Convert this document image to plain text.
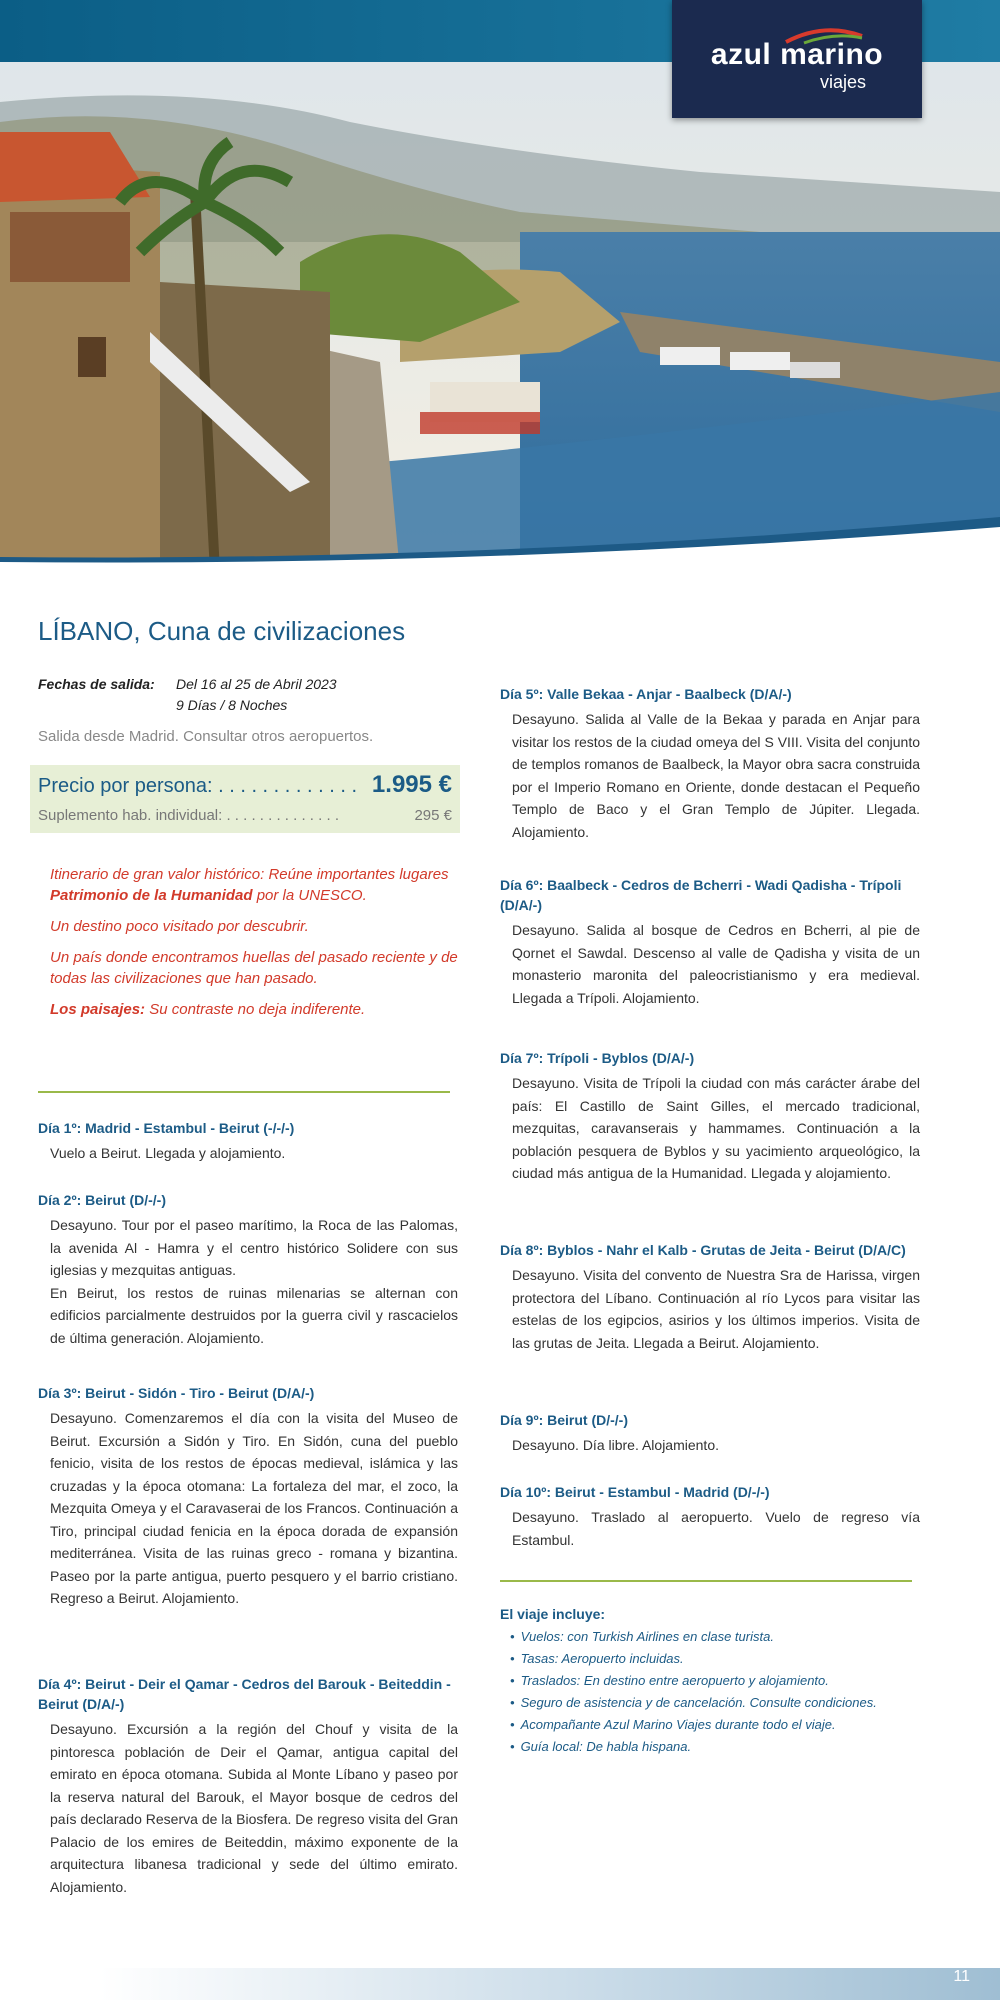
azul marino
viajes
LÍBANO, Cuna de civilizaciones
Fechas de salida: Del 16 al 25 de Abril 2023
9 Días / 8 Noches
Salida desde Madrid. Consultar otros aeropuertos.
Precio por persona: . . . . . . . . . . . . . 1.995 €
Suplemento hab. individual: . . . . . . . . . . . . . .	295 €

Itinerario de gran valor histórico: Reúne importantes lugares Patrimonio de la Humanidad por la UNESCO.

Un destino poco visitado por descubrir.

Un país donde encontramos huellas del pasado reciente y de todas las civilizaciones que han pasado.

Los paisajes: Su contraste no deja indiferente.

Día 1º: Madrid - Estambul - Beirut (-/-/-)
Vuelo a Beirut. Llegada y alojamiento.
Día 2º: Beirut (D/-/-)
Desayuno. Tour por el paseo marítimo, la Roca de las Palomas, la avenida Al - Hamra y el centro histórico Solidere con sus iglesias y mezquitas antiguas.
En Beirut, los restos de ruinas milenarias se alternan con edificios parcialmente destruidos por la guerra civil y rascacielos de última generación. Alojamiento.
Día 3º: Beirut - Sidón - Tiro - Beirut (D/A/-)
Desayuno. Comenzaremos el día con la visita del Museo de Beirut. Excursión a Sidón y Tiro. En Sidón, cuna del pueblo fenicio, visita de los restos de épocas medieval, islámica y las cruzadas y la época otomana: La fortaleza del mar, el zoco, la Mezquita Omeya y el Caravaserai de los Francos. Continuación a Tiro, principal ciudad fenicia en la época dorada de expansión mediterránea. Visita de las ruinas greco - romana y bizantina. Paseo por la parte antigua, puerto pesquero y el barrio cristiano. Regreso a Beirut. Alojamiento.
Día 4º: Beirut - Deir el Qamar - Cedros del Barouk - Beiteddin - Beirut (D/A/-)
Desayuno. Excursión a la región del Chouf y visita de la pintoresca población de Deir el Qamar, antigua capital del emirato en época otomana. Subida al Monte Líbano y paseo por la reserva natural del Barouk, el Mayor bosque de cedros del país declarado Reserva de la Biosfera. De regreso visita del Gran Palacio de los emires de Beiteddin, máximo exponente de la arquitectura libanesa tradicional y sede del último emirato. Alojamiento.
Día 5º: Valle Bekaa - Anjar - Baalbeck (D/A/-)
Desayuno. Salida al Valle de la Bekaa y parada en Anjar para visitar los restos de la ciudad omeya del S VIII. Visita del conjunto de templos romanos de Baalbeck, la Mayor obra sacra construida por el Imperio Romano en Oriente, donde destacan el Pequeño Templo de Baco y el Gran Templo de Júpiter. Llegada. Alojamiento.
Día 6º: Baalbeck - Cedros de Bcherri - Wadi Qadisha - Trípoli (D/A/-)
Desayuno. Salida al bosque de Cedros en Bcherri, al pie de Qornet el Sawdal. Descenso al valle de Qadisha y visita de un monasterio maronita del paleocristianismo y era medieval. Llegada a Trípoli. Alojamiento.
Día 7º: Trípoli - Byblos (D/A/-)
Desayuno. Visita de Trípoli la ciudad con más carácter árabe del país: El Castillo de Saint Gilles, el mercado tradicional, mezquitas, caravanserais y hammames. Continuación a la población pesquera de Byblos y su yacimiento arqueológico, la ciudad más antigua de la Humanidad. Llegada y alojamiento.
Día 8º: Byblos - Nahr el Kalb - Grutas de Jeita - Beirut (D/A/C)
Desayuno. Visita del convento de Nuestra Sra de Harissa, virgen protectora del Líbano. Continuación al río Lycos para visitar las estelas de los egipcios, asirios y los últimos imperios. Visita de las grutas de Jeita. Llegada a Beirut. Alojamiento.
Día 9º: Beirut (D/-/-)
Desayuno. Día libre. Alojamiento.
Día 10º: Beirut - Estambul - Madrid (D/-/-)
Desayuno. Traslado al aeropuerto. Vuelo de regreso vía Estambul.
El viaje incluye:
• Vuelos: con Turkish Airlines en clase turista.
• Tasas: Aeropuerto incluidas.
• Traslados: En destino entre aeropuerto y alojamiento.
• Seguro de asistencia y de cancelación. Consulte condiciones.
• Acompañante Azul Marino Viajes durante todo el viaje.
• Guía local: De habla hispana.
11
